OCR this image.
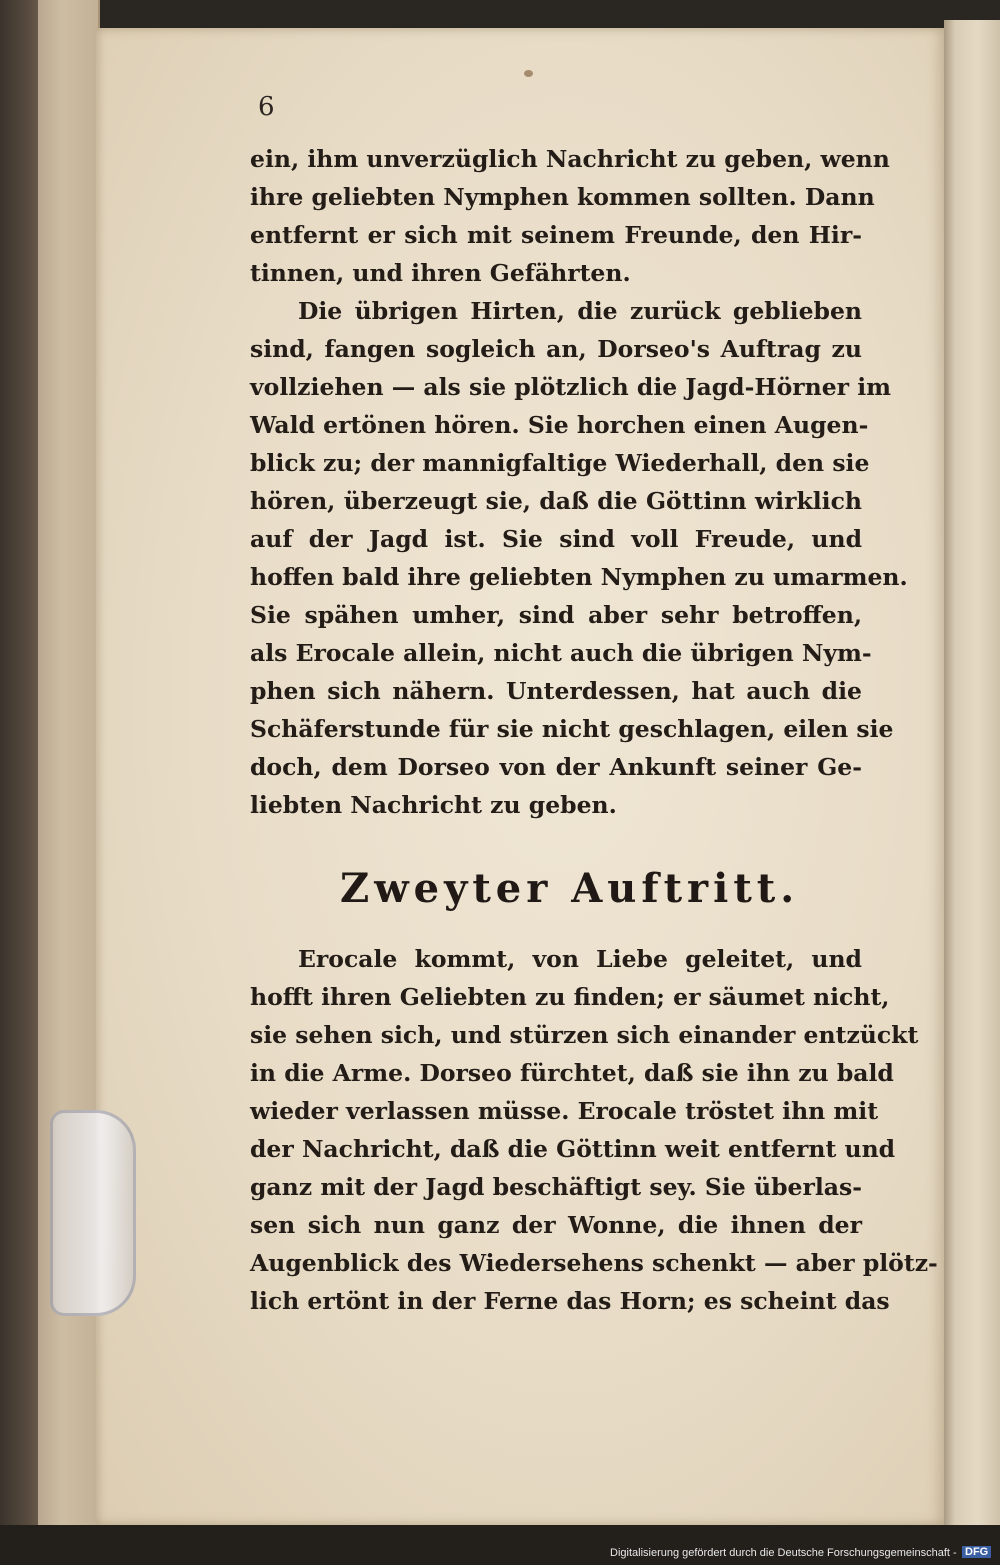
6
ein, ihm unverzüglich Nachricht zu geben, wenn
ihre geliebten Nymphen kommen sollten. Dann
entfernt er sich mit seinem Freunde, den Hir-
tinnen, und ihren Gefährten.
Die übrigen Hirten, die zurück geblieben
sind, fangen sogleich an, Dorseo's Auftrag zu
vollziehen — als sie plötzlich die Jagd-Hörner im
Wald ertönen hören. Sie horchen einen Augen-
blick zu; der mannigfaltige Wiederhall, den sie
hören, überzeugt sie, daß die Göttinn wirklich
auf der Jagd ist. Sie sind voll Freude, und
hoffen bald ihre geliebten Nymphen zu umarmen.
Sie spähen umher, sind aber sehr betroffen,
als Erocale allein, nicht auch die übrigen Nym-
phen sich nähern. Unterdessen, hat auch die
Schäferstunde für sie nicht geschlagen, eilen sie
doch, dem Dorseo von der Ankunft seiner Ge-
liebten Nachricht zu geben.
Zweyter Auftritt.
Erocale kommt, von Liebe geleitet, und
hofft ihren Geliebten zu finden; er säumet nicht,
sie sehen sich, und stürzen sich einander entzückt
in die Arme. Dorseo fürchtet, daß sie ihn zu bald
wieder verlassen müsse. Erocale tröstet ihn mit
der Nachricht, daß die Göttinn weit entfernt und
ganz mit der Jagd beschäftigt sey. Sie überlas-
sen sich nun ganz der Wonne, die ihnen der
Augenblick des Wiedersehens schenkt — aber plötz-
lich ertönt in der Ferne das Horn; es scheint das
Digitalisierung gefördert durch die Deutsche Forschungsgemeinschaft - DFG
